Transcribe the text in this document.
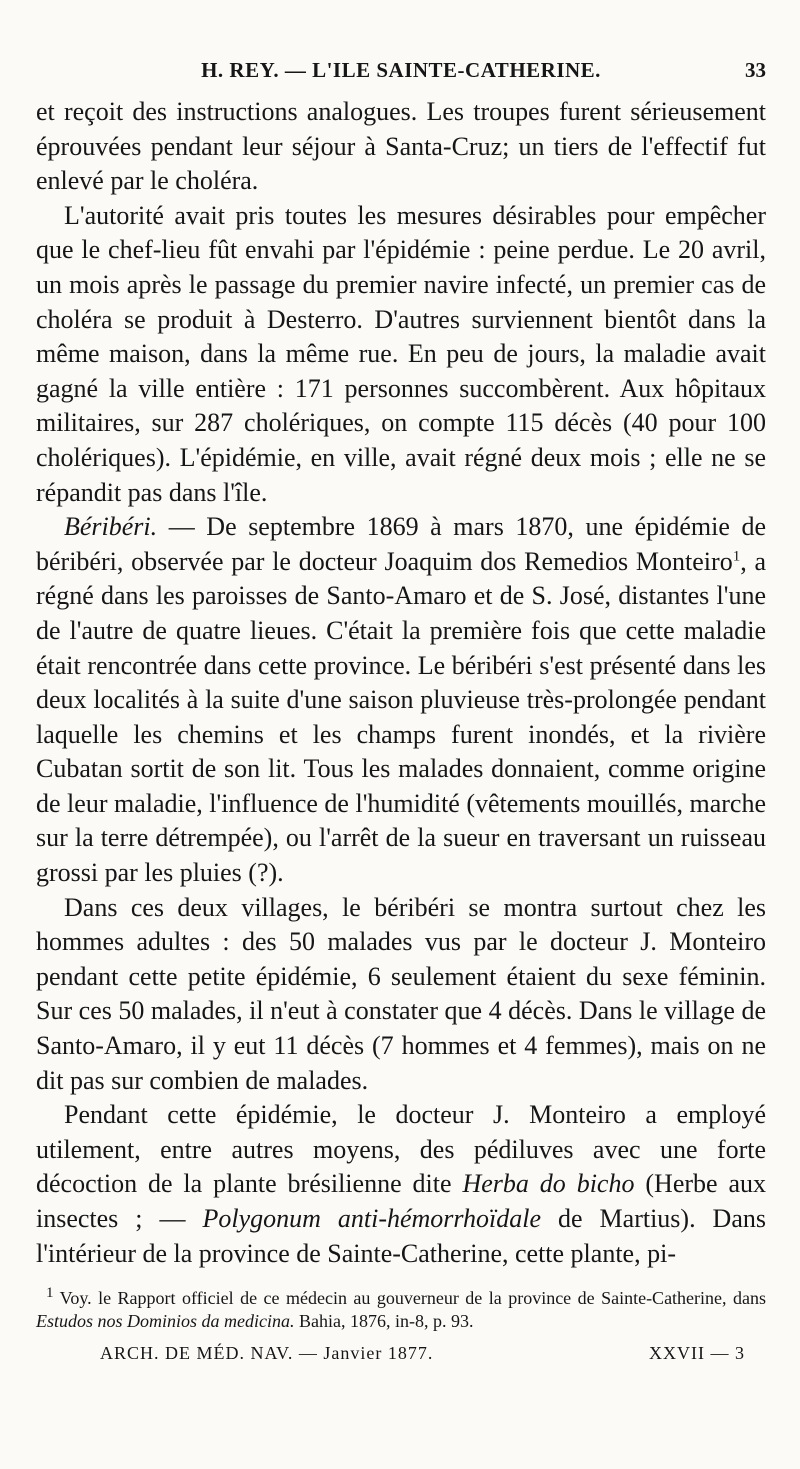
H. REY. — L'ILE SAINTE-CATHERINE.	33

et reçoit des instructions analogues. Les troupes furent sérieusement éprouvées pendant leur séjour à Santa-Cruz; un tiers de l'effectif fut enlevé par le choléra.

L'autorité avait pris toutes les mesures désirables pour empêcher que le chef-lieu fût envahi par l'épidémie : peine perdue. Le 20 avril, un mois après le passage du premier navire infecté, un premier cas de choléra se produit à Desterro. D'autres surviennent bientôt dans la même maison, dans la même rue. En peu de jours, la maladie avait gagné la ville entière : 171 personnes succombèrent. Aux hôpitaux militaires, sur 287 cholériques, on compte 115 décès (40 pour 100 cholériques). L'épidémie, en ville, avait régné deux mois ; elle ne se répandit pas dans l'île.

Béribéri. — De septembre 1869 à mars 1870, une épidémie de béribéri, observée par le docteur Joaquim dos Remedios Monteiro$^1$, a régné dans les paroisses de Santo-Amaro et de S. José, distantes l'une de l'autre de quatre lieues. C'était la première fois que cette maladie était rencontrée dans cette province. Le béribéri s'est présenté dans les deux localités à la suite d'une saison pluvieuse très-prolongée pendant laquelle les chemins et les champs furent inondés, et la rivière Cubatan sortit de son lit. Tous les malades donnaient, comme origine de leur maladie, l'influence de l'humidité (vêtements mouillés, marche sur la terre détrempée), ou l'arrêt de la sueur en traversant un ruisseau grossi par les pluies (?).

Dans ces deux villages, le béribéri se montra surtout chez les hommes adultes : des 50 malades vus par le docteur J. Monteiro pendant cette petite épidémie, 6 seulement étaient du sexe féminin. Sur ces 50 malades, il n'eut à constater que 4 décès. Dans le village de Santo-Amaro, il y eut 11 décès (7 hommes et 4 femmes), mais on ne dit pas sur combien de malades.

Pendant cette épidémie, le docteur J. Monteiro a employé utilement, entre autres moyens, des pédiluves avec une forte décoction de la plante brésilienne dite Herba do bicho (Herbe aux insectes ; — Polygonum anti-hémorrhoïdale de Martius). Dans l'intérieur de la province de Sainte-Catherine, cette plante, pi-

$^1$ Voy. le Rapport officiel de ce médecin au gouverneur de la province de Sainte-Catherine, dans Estudos nos Dominios da medicina. Bahia, 1876, in-8, p. 93.

ARCH. DE MÉD. NAV. — Janvier 1877.	XXVII — 3
